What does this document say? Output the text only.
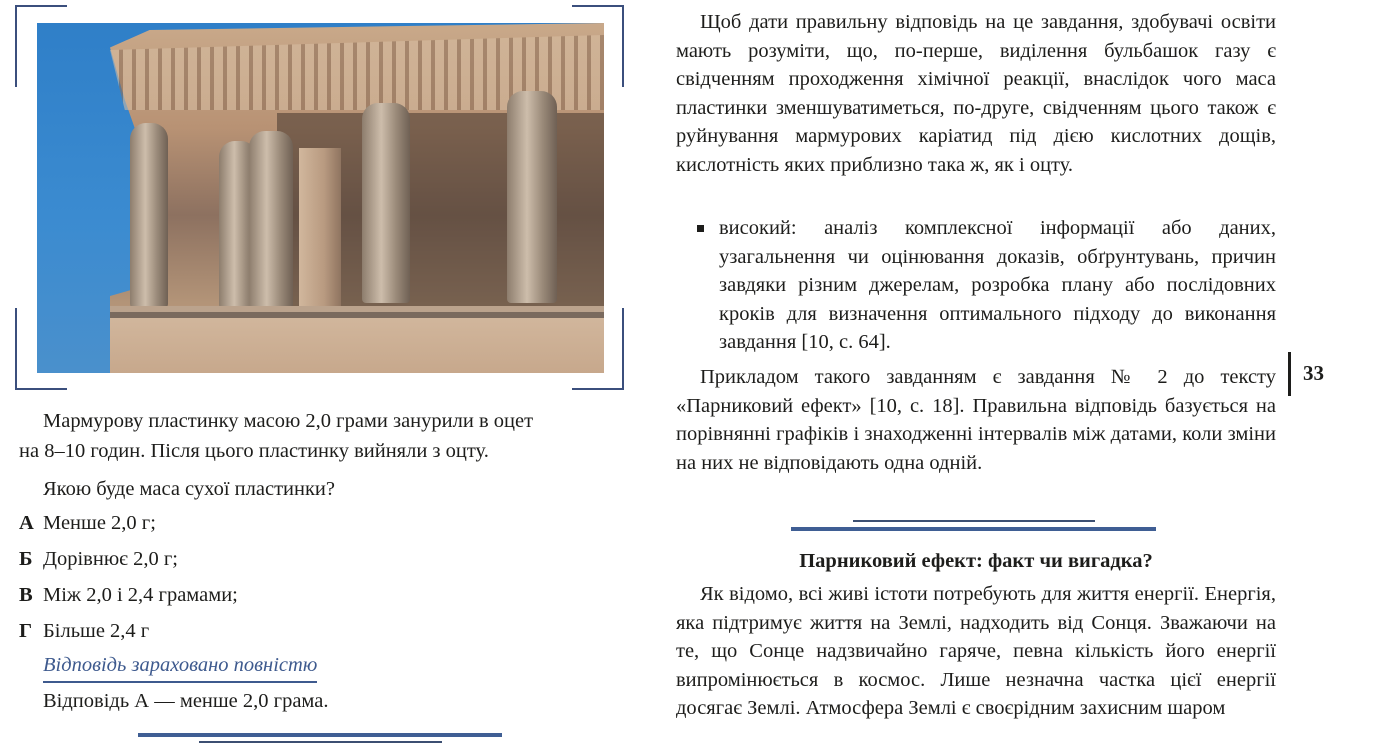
Мармурову пластинку масою 2,0 грами занурили в оцет

на 8–10 годин. Після цього пластинку вийняли з оцту.

Якою буде маса сухої пластинки?

А Менше 2,0 г;
Б Дорівнює 2,0 г;
В Між 2,0 і 2,4 грамами;
Г Більше 2,4 г
Відповідь зараховано повністю

Відповідь А — менше 2,0 грама.

Щоб дати правильну відповідь на це завдання, здобувачі освіти мають розуміти, що, по-перше, виділення бульбашок газу є свідченням проходження хімічної реакції, внаслідок чого маса пластинки зменшуватиметься, по-друге, свідченням цього також є руйнування мармурових каріатид під дією кислотних дощів, кислотність яких приблизно така ж, як і оцту.

високий: аналіз комплексної інформації або даних, узагальнення чи оцінювання доказів, обґрунтувань, причин завдяки різним джерелам, розробка плану або послідовних кроків для визначення оптимального підходу до виконання завдання [10, с. 64].

Прикладом такого завданням є завдання № 2 до тексту «Парниковий ефект» [10, с. 18]. Правильна відповідь базується на порівнянні графіків і знаходженні інтервалів між датами, коли зміни на них не відповідають одна одній.

33
Парниковий ефект: факт чи вигадка?

Як відомо, всі живі істоти потребують для життя енергії. Енергія, яка підтримує життя на Землі, надходить від Сонця. Зважаючи на те, що Сонце надзвичайно гаряче, певна кількість його енергії випромінюється в космос. Лише незначна частка цієї енергії досягає Землі. Атмосфера Землі є своєрідним захисним шаром
